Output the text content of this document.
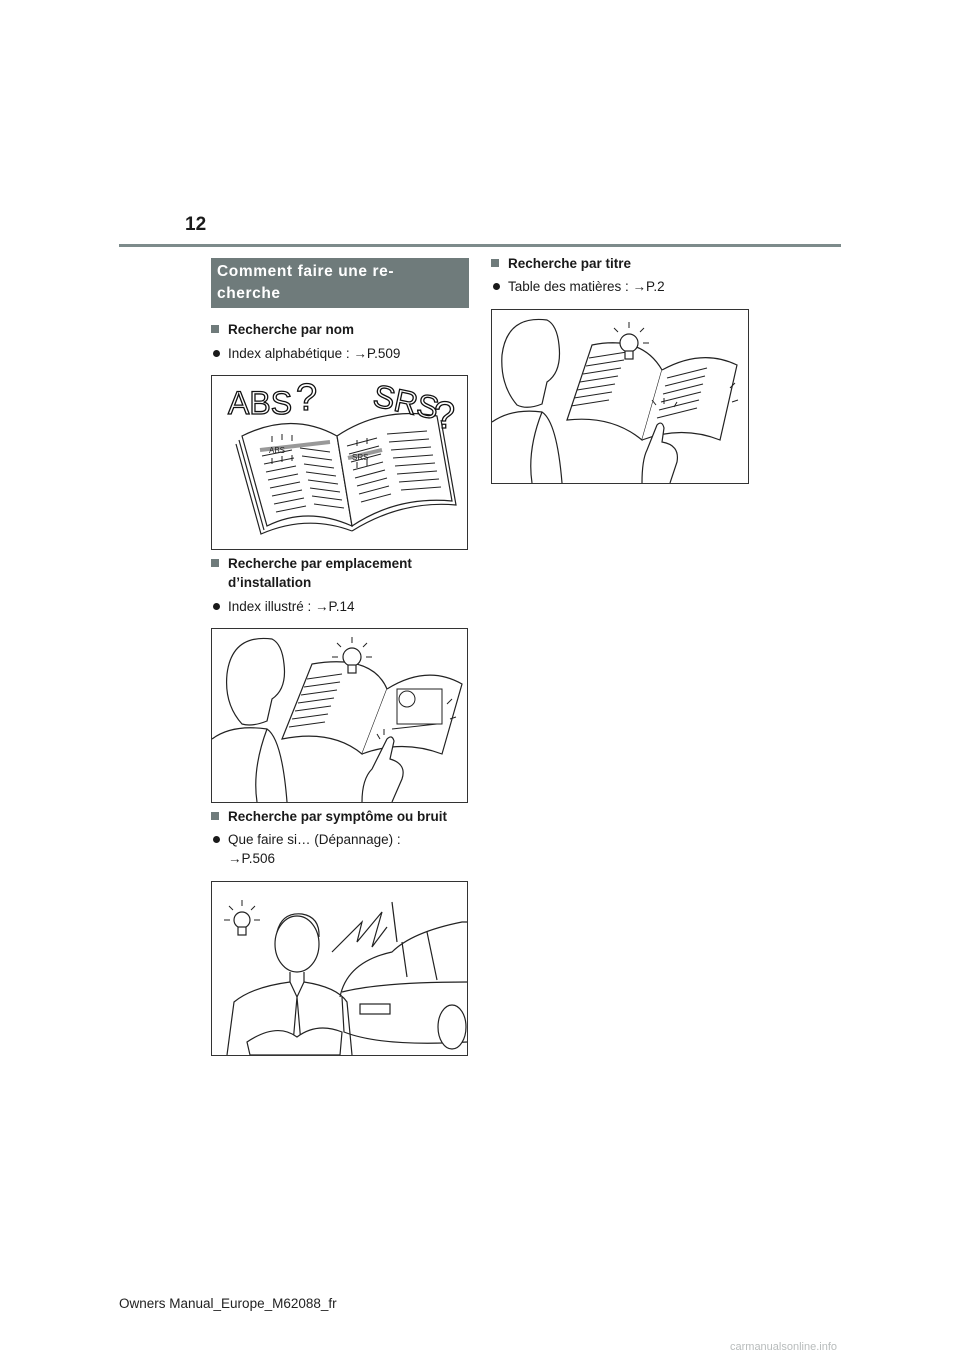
12
Comment faire une re-
cherche
Recherche par nom
Index alphabétique : →P.509
ABS ? SRS
?
ABS
SRS
Recherche par emplacement
d’installation
Index illustré : →P.14
Recherche par symptôme ou bruit
Que faire si… (Dépannage) :
→P.506
Recherche par titre
Table des matières : →P.2
Owners Manual_Europe_M62088_fr
carmanualsonline.info
